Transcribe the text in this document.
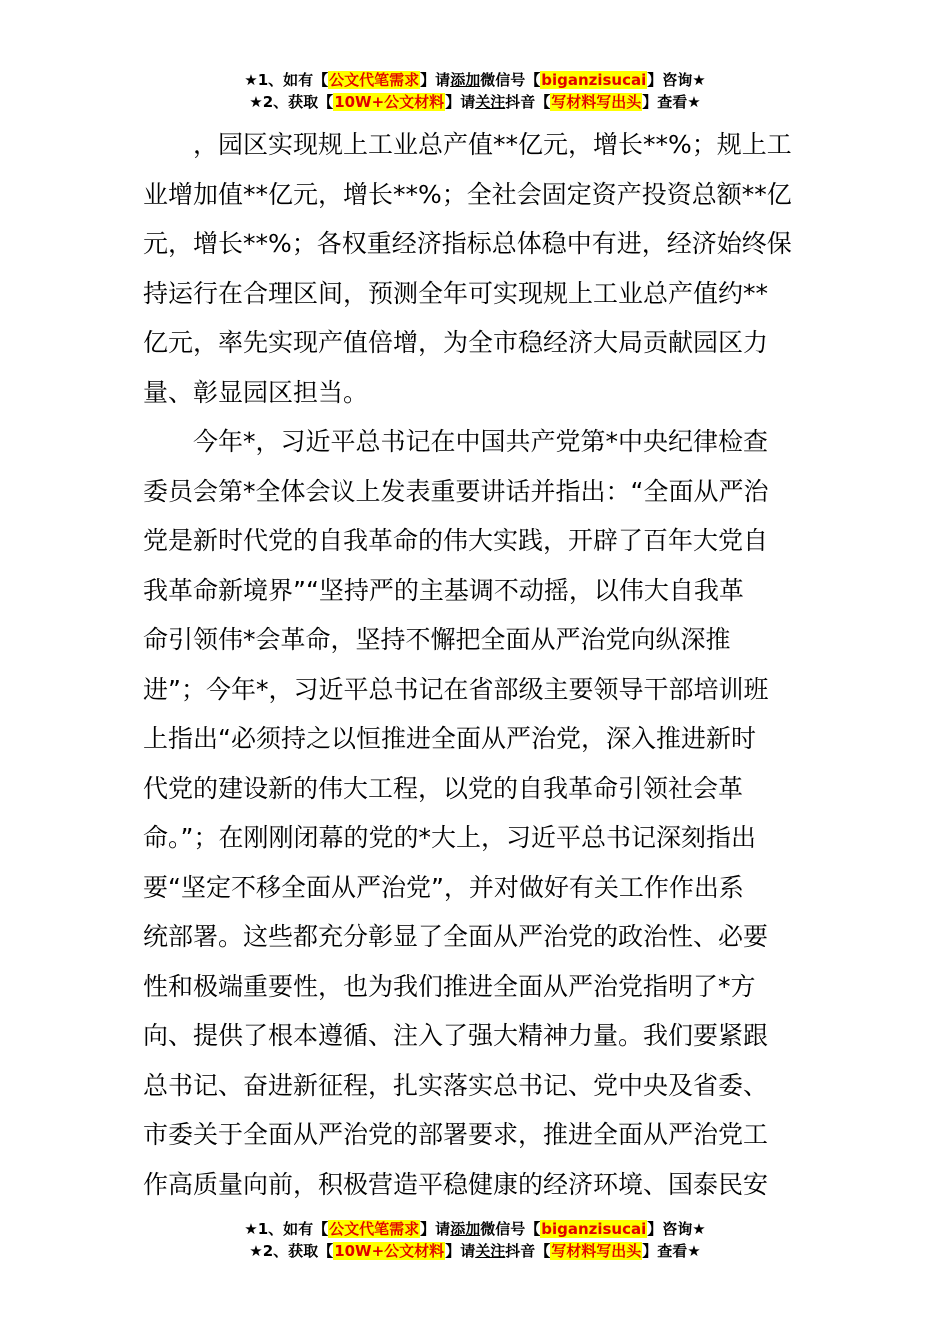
★1、如有【公文代笔需求】请添加微信号【biganzisucai】咨询★
★2、获取【10W+公文材料】请关注抖音【写材料写出头】查看★
，园区实现规上工业总产值**亿元，增长**%；规上工
业增加值**亿元，增长**%；全社会固定资产投资总额**亿
元，增长**%；各权重经济指标总体稳中有进，经济始终保
持运行在合理区间，预测全年可实现规上工业总产值约**
亿元，率先实现产值倍增，为全市稳经济大局贡献园区力
量、彰显园区担当。
今年*，习近平总书记在中国共产党第*中央纪律检查
委员会第*全体会议上发表重要讲话并指出：“全面从严治
党是新时代党的自我革命的伟大实践，开辟了百年大党自
我革命新境界”“坚持严的主基调不动摇，以伟大自我革
命引领伟*会革命，坚持不懈把全面从严治党向纵深推
进”；今年*，习近平总书记在省部级主要领导干部培训班
上指出“必须持之以恒推进全面从严治党，深入推进新时
代党的建设新的伟大工程，以党的自我革命引领社会革
命。”；在刚刚闭幕的党的*大上，习近平总书记深刻指出
要“坚定不移全面从严治党”，并对做好有关工作作出系
统部署。这些都充分彰显了全面从严治党的政治性、必要
性和极端重要性，也为我们推进全面从严治党指明了*方
向、提供了根本遵循、注入了强大精神力量。我们要紧跟
总书记、奋进新征程，扎实落实总书记、党中央及省委、
市委关于全面从严治党的部署要求，推进全面从严治党工
作高质量向前，积极营造平稳健康的经济环境、国泰民安
★1、如有【公文代笔需求】请添加微信号【biganzisucai】咨询★
★2、获取【10W+公文材料】请关注抖音【写材料写出头】查看★
